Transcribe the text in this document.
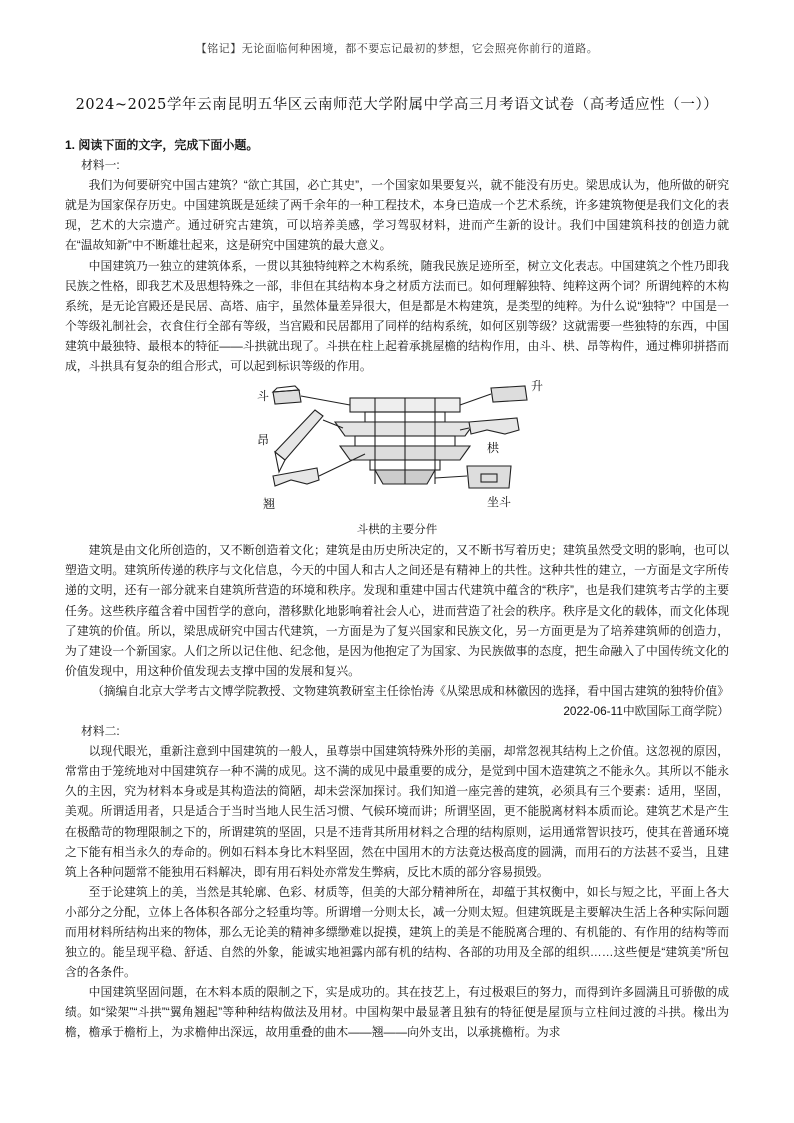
【铭记】无论面临何种困境，都不要忘记最初的梦想，它会照亮你前行的道路。
2024~2025学年云南昆明五华区云南师范大学附属中学高三月考语文试卷（高考适应性（一））

1. 阅读下面的文字，完成下面小题。

材料一:

我们为何要研究中国古建筑？“欲亡其国，必亡其史”，一个国家如果要复兴，就不能没有历史。梁思成认为，他所做的研究就是为国家保存历史。中国建筑既是延续了两千余年的一种工程技术，本身已造成一个艺术系统，许多建筑物便是我们文化的表现，艺术的大宗遗产。通过研究古建筑，可以培养美感，学习驾驭材料，进而产生新的设计。我们中国建筑科技的创造力就在“温故知新”中不断雄壮起来，这是研究中国建筑的最大意义。

中国建筑乃一独立的建筑体系，一贯以其独特纯粹之木构系统，随我民族足迹所至，树立文化表志。中国建筑之个性乃即我民族之性格，即我艺术及思想特殊之一部，非但在其结构本身之材质方法而已。如何理解独特、纯粹这两个词？所谓纯粹的木构系统，是无论宫殿还是民居、高塔、庙宇，虽然体量差异很大，但是都是木构建筑，是类型的纯粹。为什么说“独特”？中国是一个等级礼制社会，衣食住行全部有等级，当宫殿和民居都用了同样的结构系统，如何区别等级？这就需要一些独特的东西，中国建筑中最独特、最根本的特征——斗拱就出现了。斗拱在柱上起着承挑屋檐的结构作用，由斗、栱、昂等构件，通过榫卯拼搭而成，斗拱具有复杂的组合形式，可以起到标识等级的作用。

斗
升
昂
栱
翘	坐斗

斗栱的主要分件

建筑是由文化所创造的，又不断创造着文化；建筑是由历史所决定的，又不断书写着历史；建筑虽然受文明的影响，也可以塑造文明。建筑所传递的秩序与文化信息，今天的中国人和古人之间还是有精神上的共性。这种共性的建立，一方面是文字所传递的文明，还有一部分就来自建筑所营造的环境和秩序。发现和重建中国古代建筑中蕴含的“秩序”，也是我们建筑考古学的主要任务。这些秩序蕴含着中国哲学的意向，潜移默化地影响着社会人心，进而营造了社会的秩序。秩序是文化的载体，而文化体现了建筑的价值。所以，梁思成研究中国古代建筑，一方面是为了复兴国家和民族文化，另一方面更是为了培养建筑师的创造力，为了建设一个新国家。人们之所以记住他、纪念他，是因为他抱定了为国家、为民族做事的态度，把生命融入了中国传统文化的价值发现中，用这种价值发现去支撑中国的发展和复兴。

（摘编自北京大学考古文博学院教授、文物建筑教研室主任徐怡涛《从梁思成和林徽因的选择，看中国古建筑的独特价值》2022-06-11中欧国际工商学院）

材料二:

以现代眼光，重新注意到中国建筑的一般人，虽尊崇中国建筑特殊外形的美丽，却常忽视其结构上之价值。这忽视的原因，常常由于笼统地对中国建筑存一种不满的成见。这不满的成见中最重要的成分，是觉到中国木造建筑之不能永久。其所以不能永久的主因，究为材料本身或是其构造法的简陋，却未尝深加探讨。我们知道一座完善的建筑，必须具有三个要素：适用，坚固，美观。所谓适用者，只是适合于当时当地人民生活习惯、气候环境而讲；所谓坚固，更不能脱离材料本质而论。建筑艺术是产生在极酷苛的物理限制之下的，所谓建筑的坚固，只是不违背其所用材料之合理的结构原则，运用通常智识技巧，使其在普通环境之下能有相当永久的寿命的。例如石料本身比木料坚固，然在中国用木的方法竟达极高度的圆满，而用石的方法甚不妥当，且建筑上各种问题常不能独用石料解决，即有用石料处亦常发生弊病，反比木质的部分容易损毁。

至于论建筑上的美，当然是其轮廓、色彩、材质等，但美的大部分精神所在，却蕴于其权衡中，如长与短之比，平面上各大小部分之分配，立体上各体积各部分之轻重均等。所谓增一分则太长，减一分则太短。但建筑既是主要解决生活上各种实际问题而用材料所结构出来的物体，那么无论美的精神多缥缈难以捉摸，建筑上的美是不能脱离合理的、有机能的、有作用的结构等而独立的。能呈现平稳、舒适、自然的外象，能诚实地袒露内部有机的结构、各部的功用及全部的组织……这些便是“建筑美”所包含的各条件。

中国建筑坚固问题，在木料本质的限制之下，实是成功的。其在技艺上，有过极艰巨的努力，而得到许多圆满且可骄傲的成绩。如“梁架”“斗拱”“翼角翘起”等种种结构做法及用材。中国构架中最显著且独有的特征便是屋顶与立柱间过渡的斗拱。椽出为檐，檐承于檐桁上，为求檐伸出深远，故用重叠的曲木——翘——向外支出，以承挑檐桁。为求
